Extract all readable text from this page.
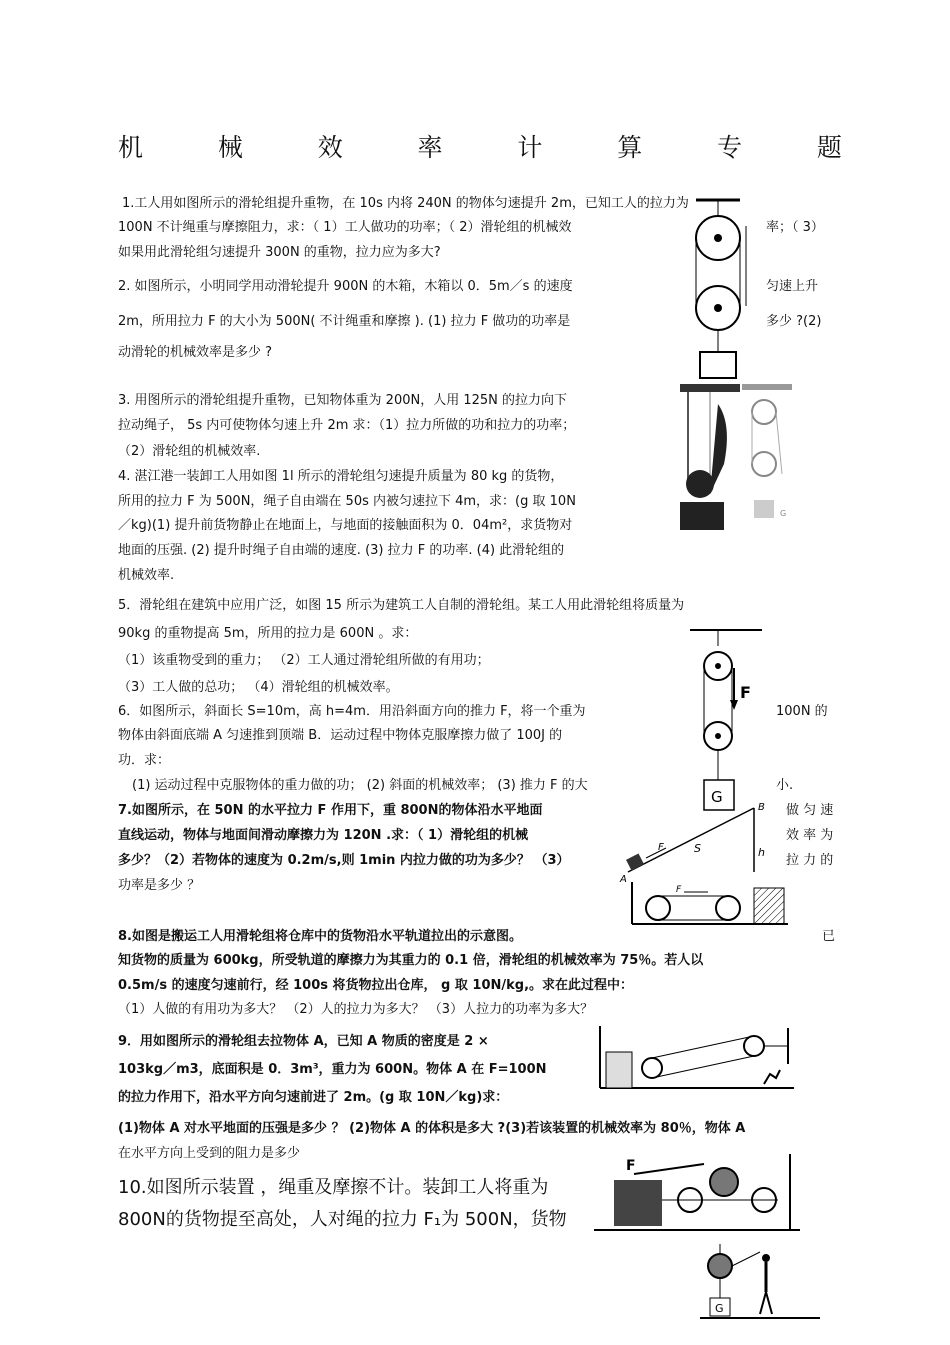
机	械	效	率	计	算	专	题
1.工人用如图所示的滑轮组提升重物，在 10s 内将 240N 的物体匀速提升 2m，已知工人的拉力为
100N 不计绳重与摩擦阻力，求：（ 1）工人做功的功率；（ 2）滑轮组的机械效	率；（ 3）
如果用此滑轮组匀速提升 300N 的重物，拉力应为多大?
2. 如图所示，小明同学用动滑轮提升 900N 的木箱，木箱以 0．5m／s 的速度	匀速上升
2m，所用拉力 F 的大小为 500N( 不计绳重和摩擦 ). (1) 拉力 F 做功的功率是	多少 ?(2)
动滑轮的机械效率是多少 ?
3. 用图所示的滑轮组提升重物，已知物体重为 200N，人用 125N 的拉力向下
拉动绳子， 5s 内可使物体匀速上升 2m 求：（1）拉力所做的功和拉力的功率；
（2）滑轮组的机械效率.
4. 湛江港一装卸工人用如图 1l 所示的滑轮组匀速提升质量为 80 kg 的货物，
所用的拉力 F 为 500N，绳子自由端在 50s 内被匀速拉下 4m，求：(g 取 10N
／kg)(1) 提升前货物静止在地面上，与地面的接触面积为 0．04m²，求货物对
地面的压强. (2) 提升时绳子自由端的速度. (3) 拉力 F 的功率. (4) 此滑轮组的
机械效率.
5．滑轮组在建筑中应用广泛，如图 15 所示为建筑工人自制的滑轮组。某工人用此滑轮组将质量为
90kg 的重物提高 5m，所用的拉力是 600N 。求：
（1）该重物受到的重力； （2）工人通过滑轮组所做的有用功；
（3）工人做的总功； （4）滑轮组的机械效率。
6．如图所示，斜面长 S=10m，高 h=4m．用沿斜面方向的推力 F，将一个重为	100N 的
物体由斜面底端 A 匀速推到顶端 B．运动过程中物体克服摩擦力做了 100J 的
功．求：
(1) 运动过程中克服物体的重力做的功； (2) 斜面的机械效率； (3) 推力 F 的大	小.
7.如图所示，在 50N 的水平拉力 F 作用下，重 800N的物体沿水平地面	做 匀 速
直线运动，物体与地面间滑动摩擦力为 120N .求：（ 1）滑轮组的机械	效 率 为
多少？（2）若物体的速度为 0.2m/s,则 1min 内拉力做的功为多少？ （3）	拉 力 的
功率是多少 ？
8.如图是搬运工人用滑轮组将仓库中的货物沿水平轨道拉出的示意图。	已
知货物的质量为 600kg，所受轨道的摩擦力为其重力的 0.1 倍，滑轮组的机械效率为 75％。若人以
0.5m/s 的速度匀速前行，经 100s 将货物拉出仓库， g 取 10N/kg,。求在此过程中：
（1）人做的有用功为多大？ （2）人的拉力为多大？ （3）人拉力的功率为多大？
9．用如图所示的滑轮组去拉物体 A，已知 A 物质的密度是 2 ×
103kg／m3，底面积是 0．3m³，重力为 600N。物体 A 在 F=100N
的拉力作用下，沿水平方向匀速前进了 2m。(g 取 10N／kg)求：
(1)物体 A 对水平地面的压强是多少 ？ (2)物体 A 的体积是多大 ?(3)若该装置的机械效率为 80％，物体 A
在水平方向上受到的阻力是多少
10.如图所示装置 ，绳重及摩擦不计。装卸工人将重为
800N的货物提至高处，人对绳的拉力 F₁为 500N，货物
G
F
G
F	S	h
B
A
F
F
G
